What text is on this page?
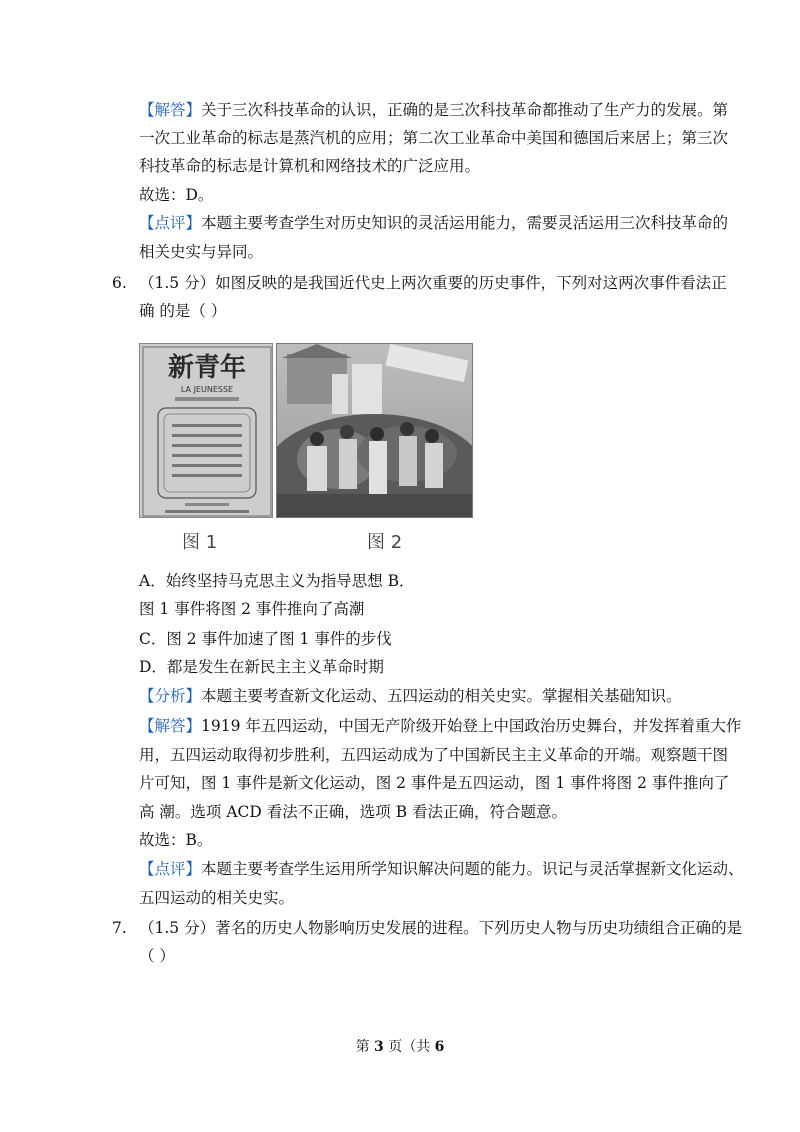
【解答】关于三次科技革命的认识，正确的是三次科技革命都推动了生产力的发展。第
一次工业革命的标志是蒸汽机的应用；第二次工业革命中美国和德国后来居上；第三次
科技革命的标志是计算机和网络技术的广泛应用。
故选：D。
【点评】本题主要考查学生对历史知识的灵活运用能力，需要灵活运用三次科技革命的
相关史实与异同。
6. （1.5 分）如图反映的是我国近代史上两次重要的历史事件，下列对这两次事件看法正
确 的是（ ）
新青年
LA JEUNESSE
图 1	图 2
A．始终坚持马克思主义为指导思想 B．
图 1 事件将图 2 事件推向了高潮
C．图 2 事件加速了图 1 事件的步伐
D．都是发生在新民主主义革命时期
【分析】本题主要考查新文化运动、五四运动的相关史实。掌握相关基础知识。
【解答】1919 年五四运动，中国无产阶级开始登上中国政治历史舞台，并发挥着重大作
用，五四运动取得初步胜利，五四运动成为了中国新民主主义革命的开端。观察题干图
片可知，图 1 事件是新文化运动，图 2 事件是五四运动，图 1 事件将图 2 事件推向了
高 潮。选项 ACD 看法不正确，选项 B 看法正确，符合题意。
故选：B。
【点评】本题主要考查学生运用所学知识解决问题的能力。识记与灵活掌握新文化运动、
五四运动的相关史实。
7. （1.5 分）著名的历史人物影响历史发展的进程。下列历史人物与历史功绩组合正确的是
（ ）
第 3 页（共 6
